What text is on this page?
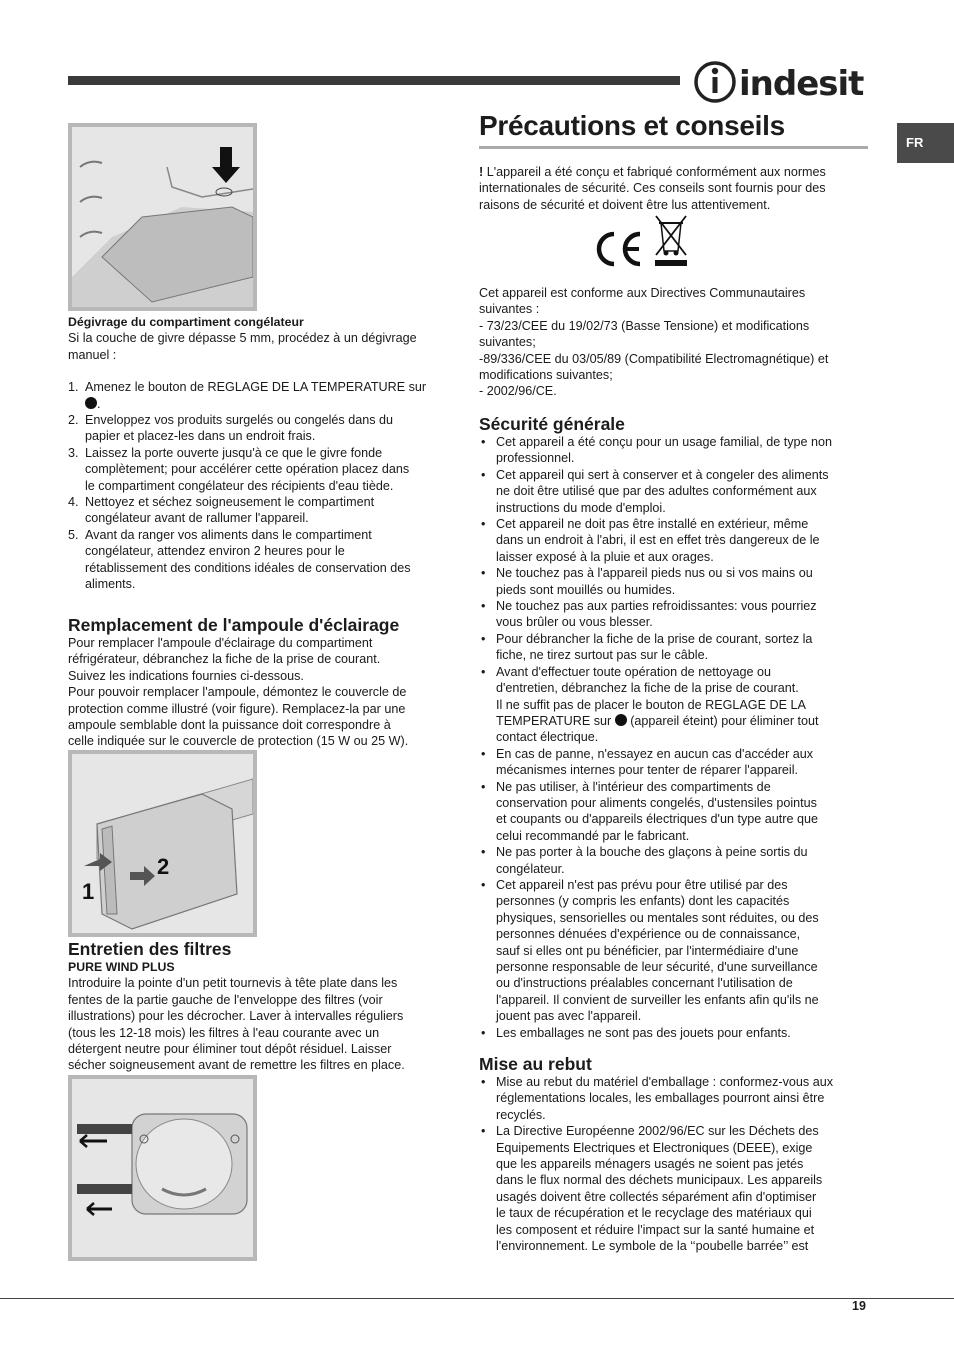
indesit
FR

Dégivrage du compartiment congélateur

Si la couche de givre dépasse 5 mm, procédez à un dégivrage manuel :

1. Amenez le bouton de REGLAGE DE LA TEMPERATURE sur
.
2. Enveloppez vos produits surgelés ou congelés dans du
papier et placez-les dans un endroit frais.
3. Laissez la porte ouverte jusqu'à ce que le givre fonde
complètement; pour accélérer cette opération placez dans
le compartiment congélateur des récipients d'eau tiède.
4. Nettoyez et séchez soigneusement le compartiment
congélateur avant de rallumer l'appareil.
5. Avant da ranger vos aliments dans le compartiment
congélateur, attendez environ 2 heures pour le
rétablissement des conditions idéales de conservation des
aliments.
Remplacement de l'ampoule d'éclairage

Pour remplacer l'ampoule d'éclairage du compartiment

réfrigérateur, débranchez la fiche de la prise de courant.

Suivez les indications fournies ci-dessous.

Pour pouvoir remplacer l'ampoule, démontez le couvercle de

protection comme illustré (voir figure). Remplacez-la par une

ampoule semblable dont la puissance doit correspondre à

celle indiquée sur le couvercle de protection (15 W ou 25 W).

1
2
Entretien des filtres

PURE WIND PLUS

Introduire la pointe d'un petit tournevis à tête plate dans les

fentes de la partie gauche de l'enveloppe des filtres (voir

illustrations) pour les décrocher. Laver à intervalles réguliers

(tous les 12-18 mois) les filtres à l'eau courante avec un

détergent neutre pour éliminer tout dépôt résiduel. Laisser

sécher soigneusement avant de remettre les filtres en place.

Précautions et conseils

! L'appareil a été conçu et fabriqué conformément aux normes

internationales de sécurité. Ces conseils sont fournis pour des

raisons de sécurité et doivent être lus attentivement.

Cet appareil est conforme aux Directives Communautaires

suivantes :

- 73/23/CEE du 19/02/73 (Basse Tensione) et modifications

suivantes;

-89/336/CEE du 03/05/89 (Compatibilité Electromagnétique) et

modifications suivantes;

- 2002/96/CE.

Sécurité générale
• Cet appareil a été conçu pour un usage familial, de type non
professionnel.
• Cet appareil qui sert à conserver et à congeler des aliments
ne doit être utilisé que par des adultes conformément aux
instructions du mode d'emploi.
• Cet appareil ne doit pas être installé en extérieur, même
dans un endroit à l'abri, il est en effet très dangereux de le
laisser exposé à la pluie et aux orages.
• Ne touchez pas à l'appareil pieds nus ou si vos mains ou
pieds sont mouillés ou humides.
• Ne touchez pas aux parties refroidissantes: vous pourriez
vous brûler ou vous blesser.
• Pour débrancher la fiche de la prise de courant, sortez la
fiche, ne tirez surtout pas sur le câble.
• Avant d'effectuer toute opération de nettoyage ou
d'entretien, débranchez la fiche de la prise de courant.
Il ne suffit pas de placer le bouton de REGLAGE DE LA
TEMPERATURE sur  (appareil éteint) pour éliminer tout
contact électrique.
• En cas de panne, n'essayez en aucun cas d'accéder aux
mécanismes internes pour tenter de réparer l'appareil.
• Ne pas utiliser, à l'intérieur des compartiments de
conservation pour aliments congelés, d'ustensiles pointus
et coupants ou d'appareils électriques d'un type autre que
celui recommandé par le fabricant.
• Ne pas porter à la bouche des glaçons à peine sortis du
congélateur.
• Cet appareil n'est pas prévu pour être utilisé par des
personnes (y compris les enfants) dont les capacités
physiques, sensorielles ou mentales sont réduites, ou des
personnes dénuées d'expérience ou de connaissance,
sauf si elles ont pu bénéficier, par l'intermédiaire d'une
personne responsable de leur sécurité, d'une surveillance
ou d'instructions préalables concernant l'utilisation de
l'appareil. Il convient de surveiller les enfants afin qu'ils ne
jouent pas avec l'appareil.
• Les emballages ne sont pas des jouets pour enfants.
Mise au rebut
• Mise au rebut du matériel d'emballage : conformez-vous aux
réglementations locales, les emballages pourront ainsi être
recyclés.
• La Directive Européenne 2002/96/EC sur les Déchets des
Equipements Electriques et Electroniques (DEEE), exige
que les appareils ménagers usagés ne soient pas jetés
dans le flux normal des déchets municipaux. Les appareils
usagés doivent être collectés séparément afin d'optimiser
le taux de récupération et le recyclage des matériaux qui
les composent et réduire l'impact sur la santé humaine et
l'environnement. Le symbole de la ‘‘poubelle barrée’’ est
19
